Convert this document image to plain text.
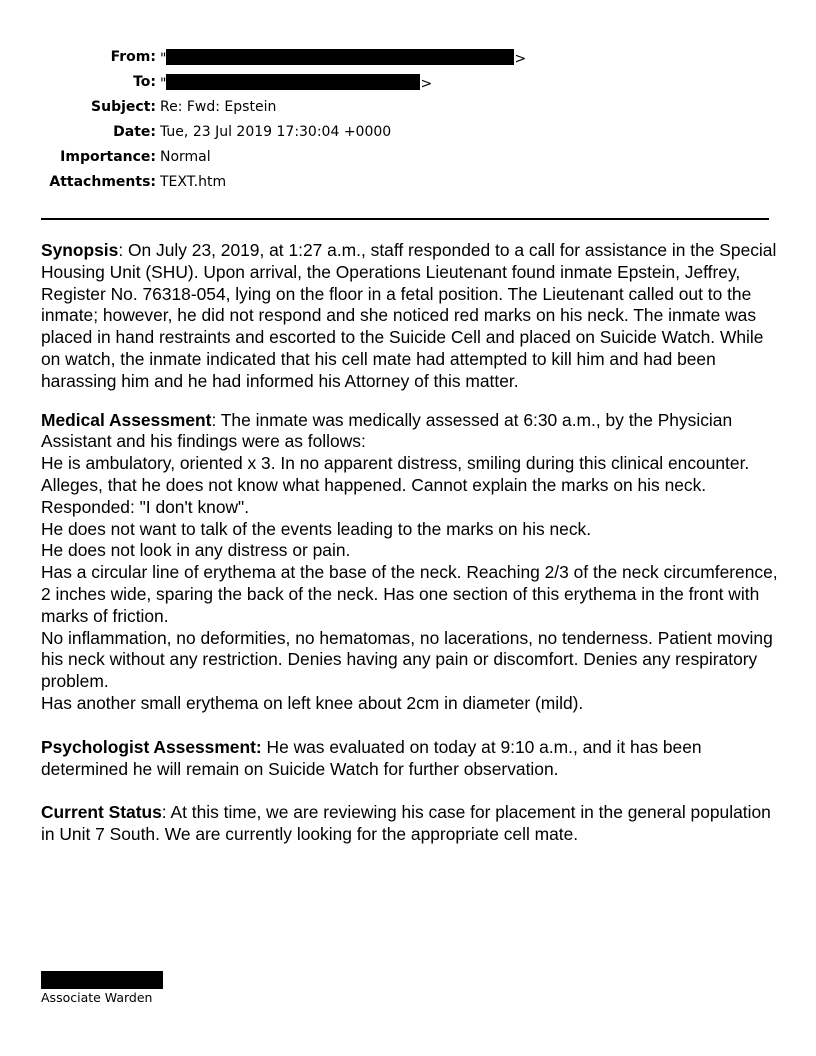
From: "	>
To: "	>
Subject: Re: Fwd: Epstein
Date: Tue, 23 Jul 2019 17:30:04 +0000
Importance: Normal
Attachments: TEXT.htm

Synopsis: On July 23, 2019, at 1:27 a.m., staff responded to a call for assistance in the Special Housing Unit (SHU). Upon arrival, the Operations Lieutenant found inmate Epstein, Jeffrey, Register No. 76318-054, lying on the floor in a fetal position. The Lieutenant called out to the inmate; however, he did not respond and she noticed red marks on his neck. The inmate was placed in hand restraints and escorted to the Suicide Cell and placed on Suicide Watch. While on watch, the inmate indicated that his cell mate had attempted to kill him and had been harassing him and he had informed his Attorney of this matter.

Medical Assessment: The inmate was medically assessed at 6:30 a.m., by the Physician Assistant and his findings were as follows:

He is ambulatory, oriented x 3. In no apparent distress, smiling during this clinical encounter. Alleges, that he does not know what happened. Cannot explain the marks on his neck. Responded: "I don't know".

He does not want to talk of the events leading to the marks on his neck.

He does not look in any distress or pain.

Has a circular line of erythema at the base of the neck. Reaching 2/3 of the neck circumference, 2 inches wide, sparing the back of the neck. Has one section of this erythema in the front with marks of friction.

No inflammation, no deformities, no hematomas, no lacerations, no tenderness. Patient moving his neck without any restriction. Denies having any pain or discomfort. Denies any respiratory problem.

Has another small erythema on left knee about 2cm in diameter (mild).

Psychologist Assessment: He was evaluated on today at 9:10 a.m., and it has been determined he will remain on Suicide Watch for further observation.

Current Status: At this time, we are reviewing his case for placement in the general population in Unit 7 South. We are currently looking for the appropriate cell mate.

Associate Warden
